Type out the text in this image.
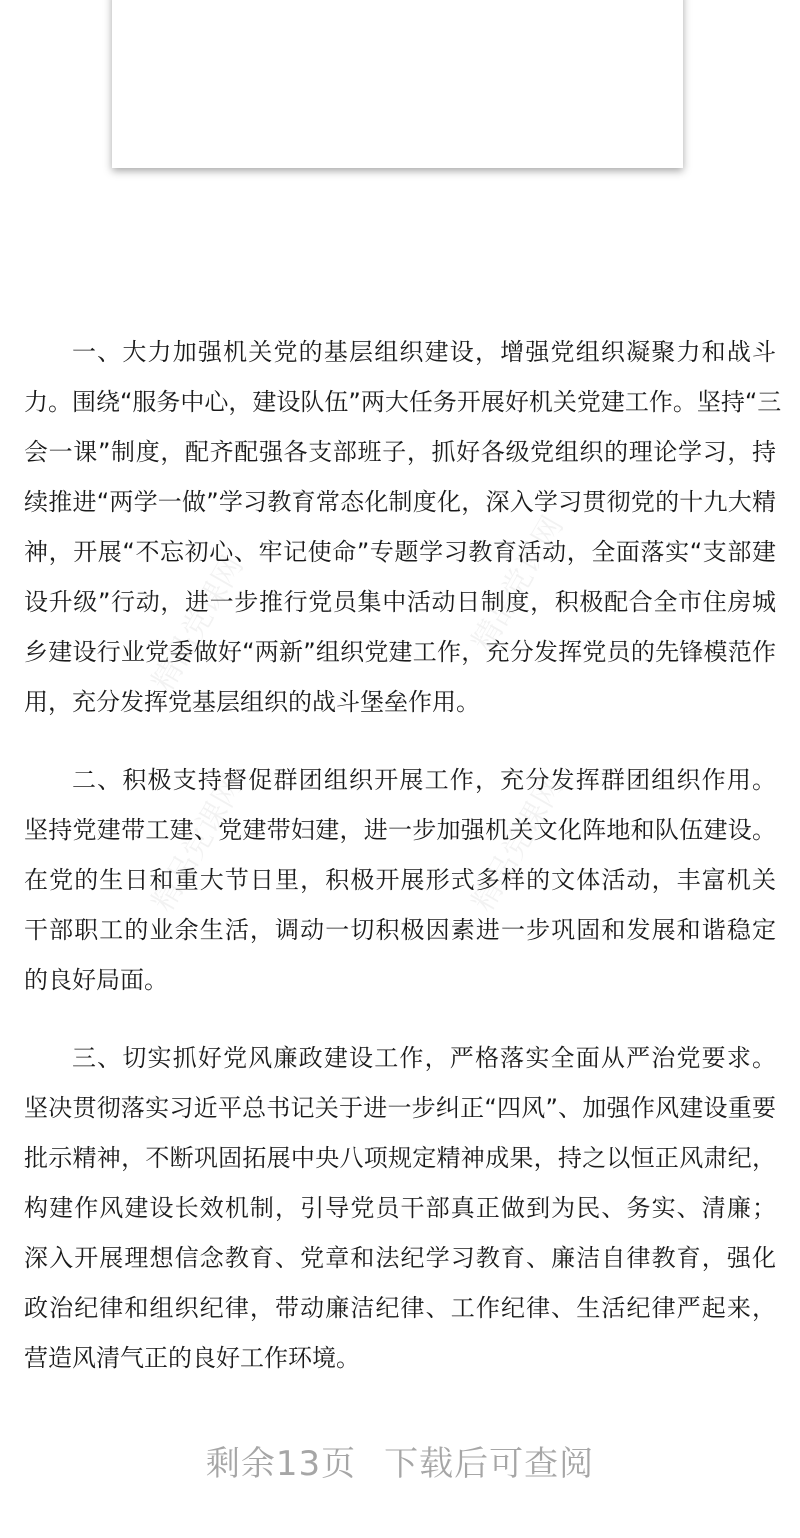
精品党课网	精品党课网
精品党课网	精品党课网
一、大力加强机关党的基层组织建设，增强党组织凝聚力和战斗
力。围绕“服务中心，建设队伍”两大任务开展好机关党建工作。坚持“三
会一课”制度，配齐配强各支部班子，抓好各级党组织的理论学习，持
续推进“两学一做”学习教育常态化制度化，深入学习贯彻党的十九大精
神，开展“不忘初心、牢记使命”专题学习教育活动，全面落实“支部建
设升级”行动，进一步推行党员集中活动日制度，积极配合全市住房城
乡建设行业党委做好“两新”组织党建工作，充分发挥党员的先锋模范作
用，充分发挥党基层组织的战斗堡垒作用。
二、积极支持督促群团组织开展工作，充分发挥群团组织作用。
坚持党建带工建、党建带妇建，进一步加强机关文化阵地和队伍建设。
在党的生日和重大节日里，积极开展形式多样的文体活动，丰富机关
干部职工的业余生活，调动一切积极因素进一步巩固和发展和谐稳定
的良好局面。
三、切实抓好党风廉政建设工作，严格落实全面从严治党要求。
坚决贯彻落实习近平总书记关于进一步纠正“四风”、加强作风建设重要
批示精神，不断巩固拓展中央八项规定精神成果，持之以恒正风肃纪，
构建作风建设长效机制，引导党员干部真正做到为民、务实、清廉；
深入开展理想信念教育、党章和法纪学习教育、廉洁自律教育，强化
政治纪律和组织纪律，带动廉洁纪律、工作纪律、生活纪律严起来，
营造风清气正的良好工作环境。
剩余13页 下载后可查阅
